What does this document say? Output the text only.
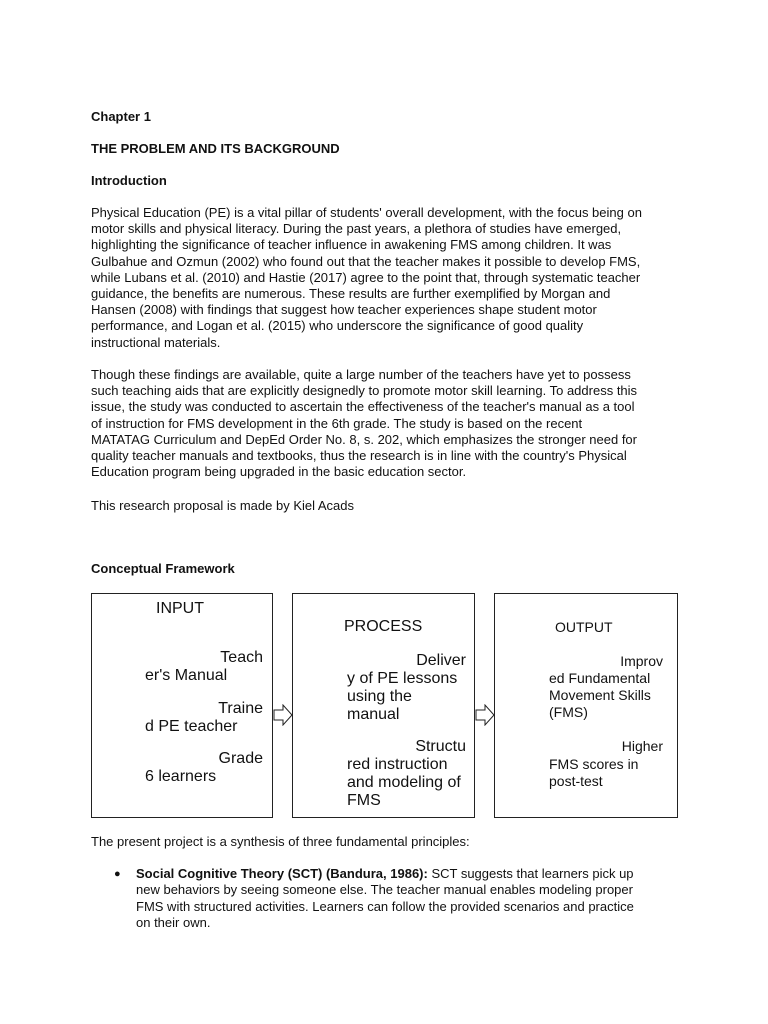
Chapter 1
THE PROBLEM AND ITS BACKGROUND
Introduction
Physical Education (PE) is a vital pillar of students' overall development, with the focus being on
motor skills and physical literacy. During the past years, a plethora of studies have emerged,
highlighting the significance of teacher influence in awakening FMS among children. It was
Gulbahue and Ozmun (2002) who found out that the teacher makes it possible to develop FMS,
while Lubans et al. (2010) and Hastie (2017) agree to the point that, through systematic teacher
guidance, the benefits are numerous. These results are further exemplified by Morgan and
Hansen (2008) with findings that suggest how teacher experiences shape student motor
performance, and Logan et al. (2015) who underscore the significance of good quality
instructional materials.
Though these findings are available, quite a large number of the teachers have yet to possess
such teaching aids that are explicitly designedly to promote motor skill learning. To address this
issue, the study was conducted to ascertain the effectiveness of the teacher's manual as a tool
of instruction for FMS development in the 6th grade. The study is based on the recent
MATATAG Curriculum and DepEd Order No. 8, s. 202, which emphasizes the stronger need for
quality teacher manuals and textbooks, thus the research is in line with the country's Physical
Education program being upgraded in the basic education sector.
This research proposal is made by Kiel Acads
Conceptual Framework
INPUT
Teach
er's Manual
Traine
d PE teacher
Grade
6 learners
PROCESS
Deliver
y of PE lessons
using the
manual
Structu
red instruction
and modeling of
FMS
OUTPUT
Improv
ed Fundamental
Movement Skills
(FMS)
Higher
FMS scores in
post-test
The present project is a synthesis of three fundamental principles:
● Social Cognitive Theory (SCT) (Bandura, 1986): SCT suggests that learners pick up
new behaviors by seeing someone else. The teacher manual enables modeling proper
FMS with structured activities. Learners can follow the provided scenarios and practice
on their own.
